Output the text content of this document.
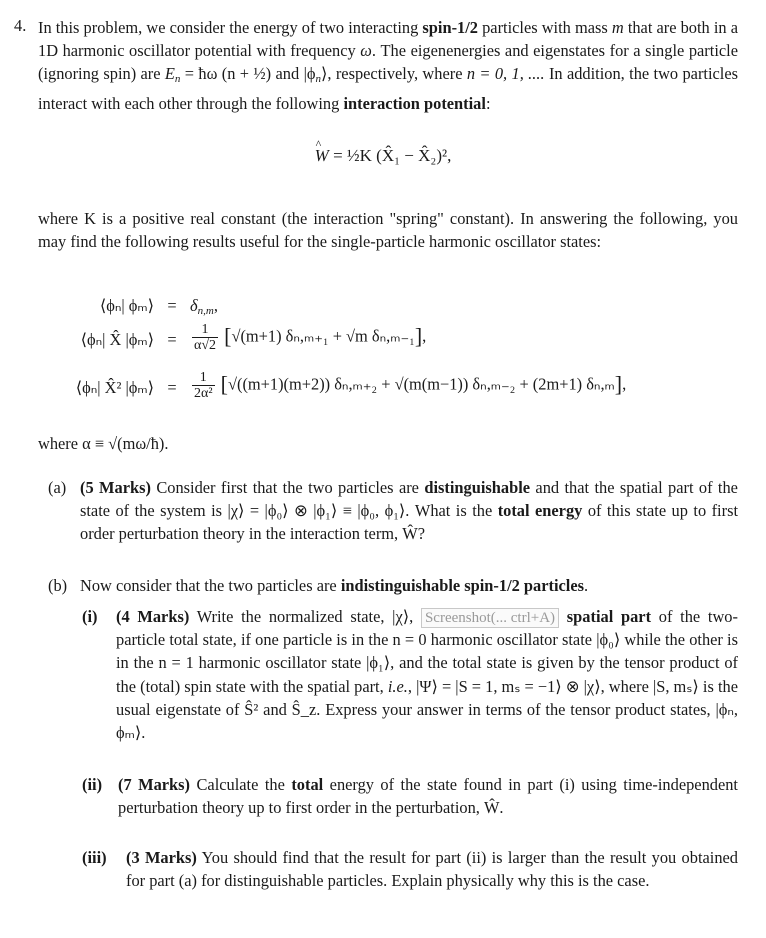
4. In this problem, we consider the energy of two interacting spin-1/2 particles with mass m that are both in a 1D harmonic oscillator potential with frequency ω. The eigenenergies and eigenstates for a single particle (ignoring spin) are $E_n$ = ħω (n + ½) and $|\phi_n⟩$, respectively, where n = 0, 1, .... In addition, the two particles interact with each other through the following interaction potential:
^ W = ½K (X̂₁ − X̂₂)²,
where K is a positive real constant (the interaction "spring" constant). In answering the following, you may find the following results useful for the single-particle harmonic oscillator states:
⟨ϕₙ| ϕₘ⟩ = $\delta_{n,m}$,
⟨ϕₙ| X̂ |ϕₘ⟩ =	$\frac{1}{\alpha√2} [√(m+1) \delta_n,_{m+1} + √m$ δₙ,ₘ₋₁],
⟨ϕₙ| X̂² |ϕₘ⟩ =	$\frac{1}{\text{2α²}} [√((m+1)(m+2)) \delta_n,_{m+2} + √(m(m-1)) \delta_n,_{m-2} + (2m+1)$ δₙ,ₘ],
where α ≡ √(mω/ħ).
(a) (5 Marks) Consider first that the two particles are distinguishable and that the spatial part of the state of the system is |χ⟩ = |ϕ₀⟩ ⊗ |ϕ₁⟩ ≡ |ϕ₀, ϕ₁⟩. What is the total energy of this state up to first order perturbation theory in the interaction term, Ŵ?
(b) Now consider that the two particles are indistinguishable spin-1/2 particles.
(i) (4 Marks) Write the normalized state, |χ⟩, Screenshot(... ctrl+A) spatial part of the two-particle total state, if one particle is in the n = 0 harmonic oscillator state |ϕ₀⟩ while the other is in the n = 1 harmonic oscillator state |ϕ₁⟩, and the total state is given by the tensor product of the (total) spin state with the spatial part, i.e., |Ψ⟩ = |S = 1, mₛ = −1⟩ ⊗ |χ⟩, where |S, mₛ⟩ is the usual eigenstate of Ŝ² and Ŝ_z. Express your answer in terms of the tensor product states, |ϕₙ, ϕₘ⟩.
(ii) (7 Marks) Calculate the total energy of the state found in part (i) using time-independent perturbation theory up to first order in the perturbation, Ŵ.
(iii) (3 Marks) You should find that the result for part (ii) is larger than the result you obtained for part (a) for distinguishable particles. Explain physically why this is the case.
